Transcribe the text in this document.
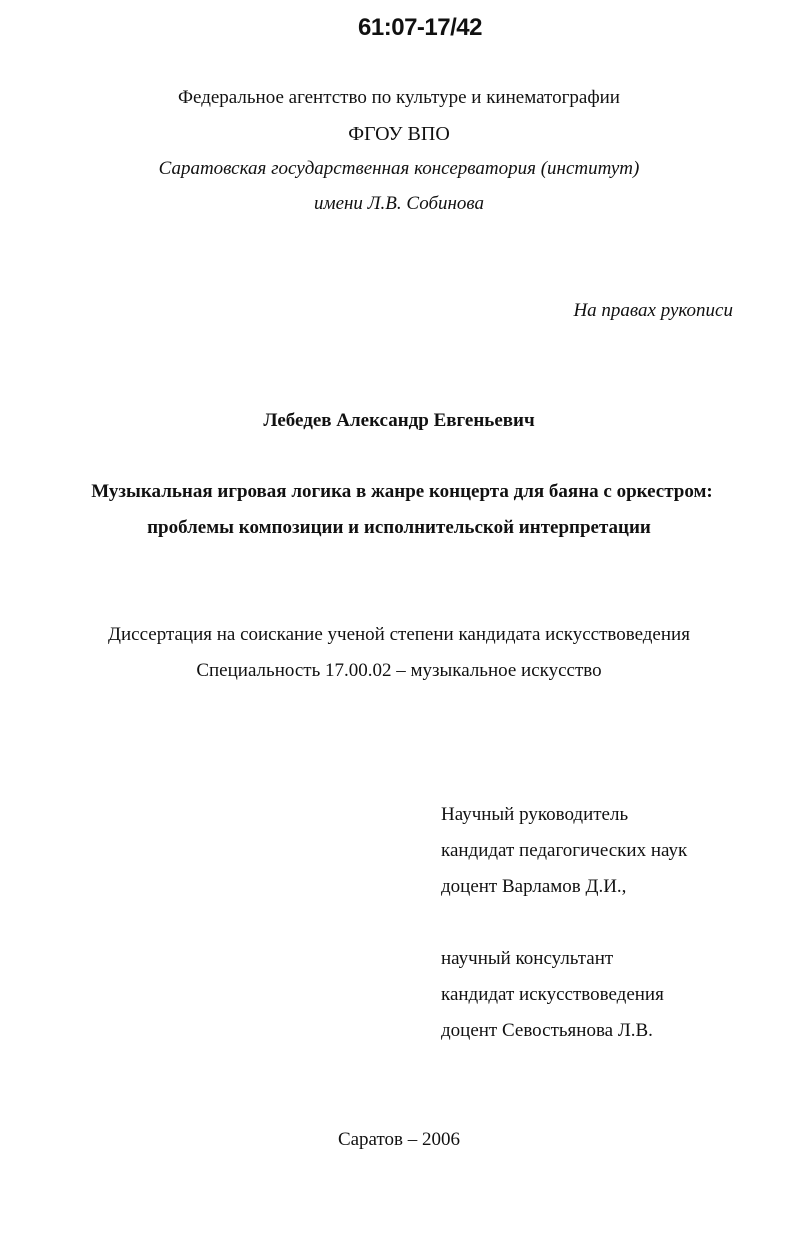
61:07-17/42
Федеральное агентство по культуре и кинематографии
ФГОУ ВПО
Саратовская государственная консерватория (институт)
имени Л.В. Собинова
На правах рукописи
Лебедев Александр Евгеньевич
Музыкальная игровая логика в жанре концерта для баяна с оркестром:
проблемы композиции и исполнительской интерпретации
Диссертация на соискание ученой степени кандидата искусствоведения
Специальность 17.00.02 – музыкальное искусство
Научный руководитель
кандидат педагогических наук
доцент Варламов Д.И.,
научный консультант
кандидат искусствоведения
доцент Севостьянова Л.В.
Саратов – 2006
